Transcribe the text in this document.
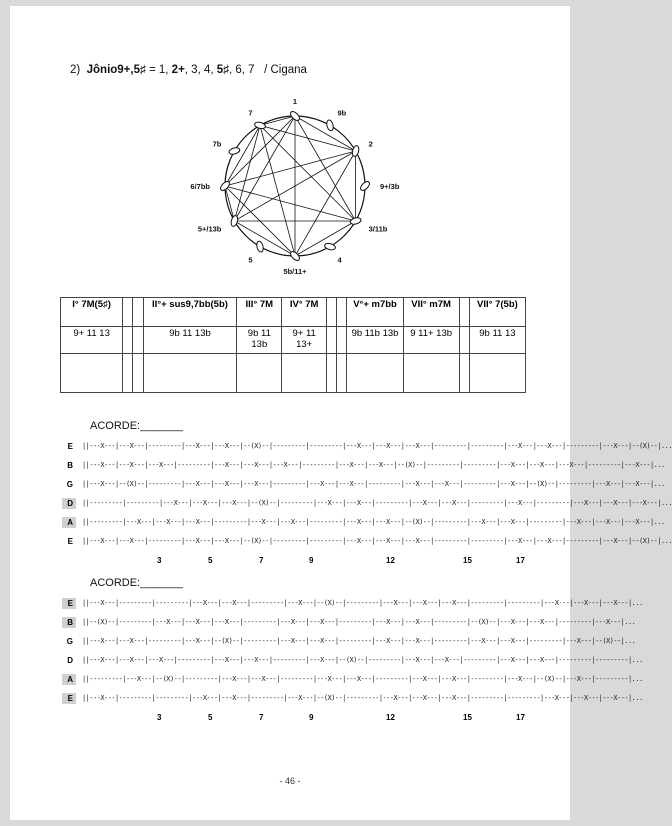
2) Jônio9+,5♯ = 1, 2+, 3, 4, 5♯, 6, 7 / Cigana
1
9b
2
9+/3b
3/11b
4
5b/11+
5
5+/13b
6/7bb
7b
7
I° 7M(5♯)			II°+ sus9,7bb(5b)	III° 7M	IV° 7M			V°+ m7bb	VII° m7M		VII° 7(5b)
9+ 11 13			9b 11 13b	9b 11 13b	9+ 11 13+			9b 11b 13b	9 11+ 13b		9b 11 13

ACORDE:_______
E	||---X---|---X---|---------|---X---|---X---|--(X)--|---------|---------|---X---|---X---|---X---|---------|---------|---X---|---X---|---------|---X---|--(X)--|...
B	||---X---|---X---|---X---|---------|---X---|---X---|---X---|---------|---X---|---X---|--(X)--|---------|---------|---X---|---X---|---X---|---------|---X---|...
G	||---X---|--(X)--|---------|---X---|---X---|---X---|---------|---X---|---X---|---------|---X---|---X---|---------|---X---|--(X)--|---------|---X---|---X---|...
D	||---------|---------|---X---|---X---|---X---|--(X)--|---------|---X---|---X---|---------|---X---|---X---|---------|---X---|---------|---X---|---X---|---X---|...
A	||---------|---X---|---X---|---X---|---------|---X---|---X---|---------|---X---|---X---|--(X)--|---------|---X---|---X---|---------|---X---|---X---|---X---|...
E	||---X---|---X---|---------|---X---|---X---|--(X)--|---------|---------|---X---|---X---|---X---|---------|---------|---X---|---X---|---------|---X---|--(X)--|...
3	5	7	9	12	15	17
ACORDE:_______
E	||---X---|---------|---------|---X---|---X---|---------|---X---|--(X)--|---------|---X---|---X---|---X---|---------|---------|---X---|---X---|---X---|...
B	||--(X)--|---------|---X---|---X---|---X---|---------|---X---|---X---|---------|---X---|---X---|---------|--(X)--|---X---|---X---|---------|---X---|...
G	||---X---|---X---|---------|---X---|--(X)--|---------|---X---|---X---|---------|---X---|---X---|---------|---X---|---X---|---------|---X---|--(X)--|...
D	||---X---|---X---|---X---|---------|---X---|---X---|---------|---X---|--(X)--|---------|---X---|---X---|---------|---X---|---X---|---------|---------|...
A	||---------|---X---|--(X)--|---------|---X---|---X---|---------|---X---|---X---|---------|---X---|---X---|---------|---X---|--(X)--|---X---|---------|...
E	||---X---|---------|---------|---X---|---X---|---------|---X---|--(X)--|---------|---X---|---X---|---X---|---------|---------|---X---|---X---|---X---|...
3	5	7	9	12	15	17
- 46 -
